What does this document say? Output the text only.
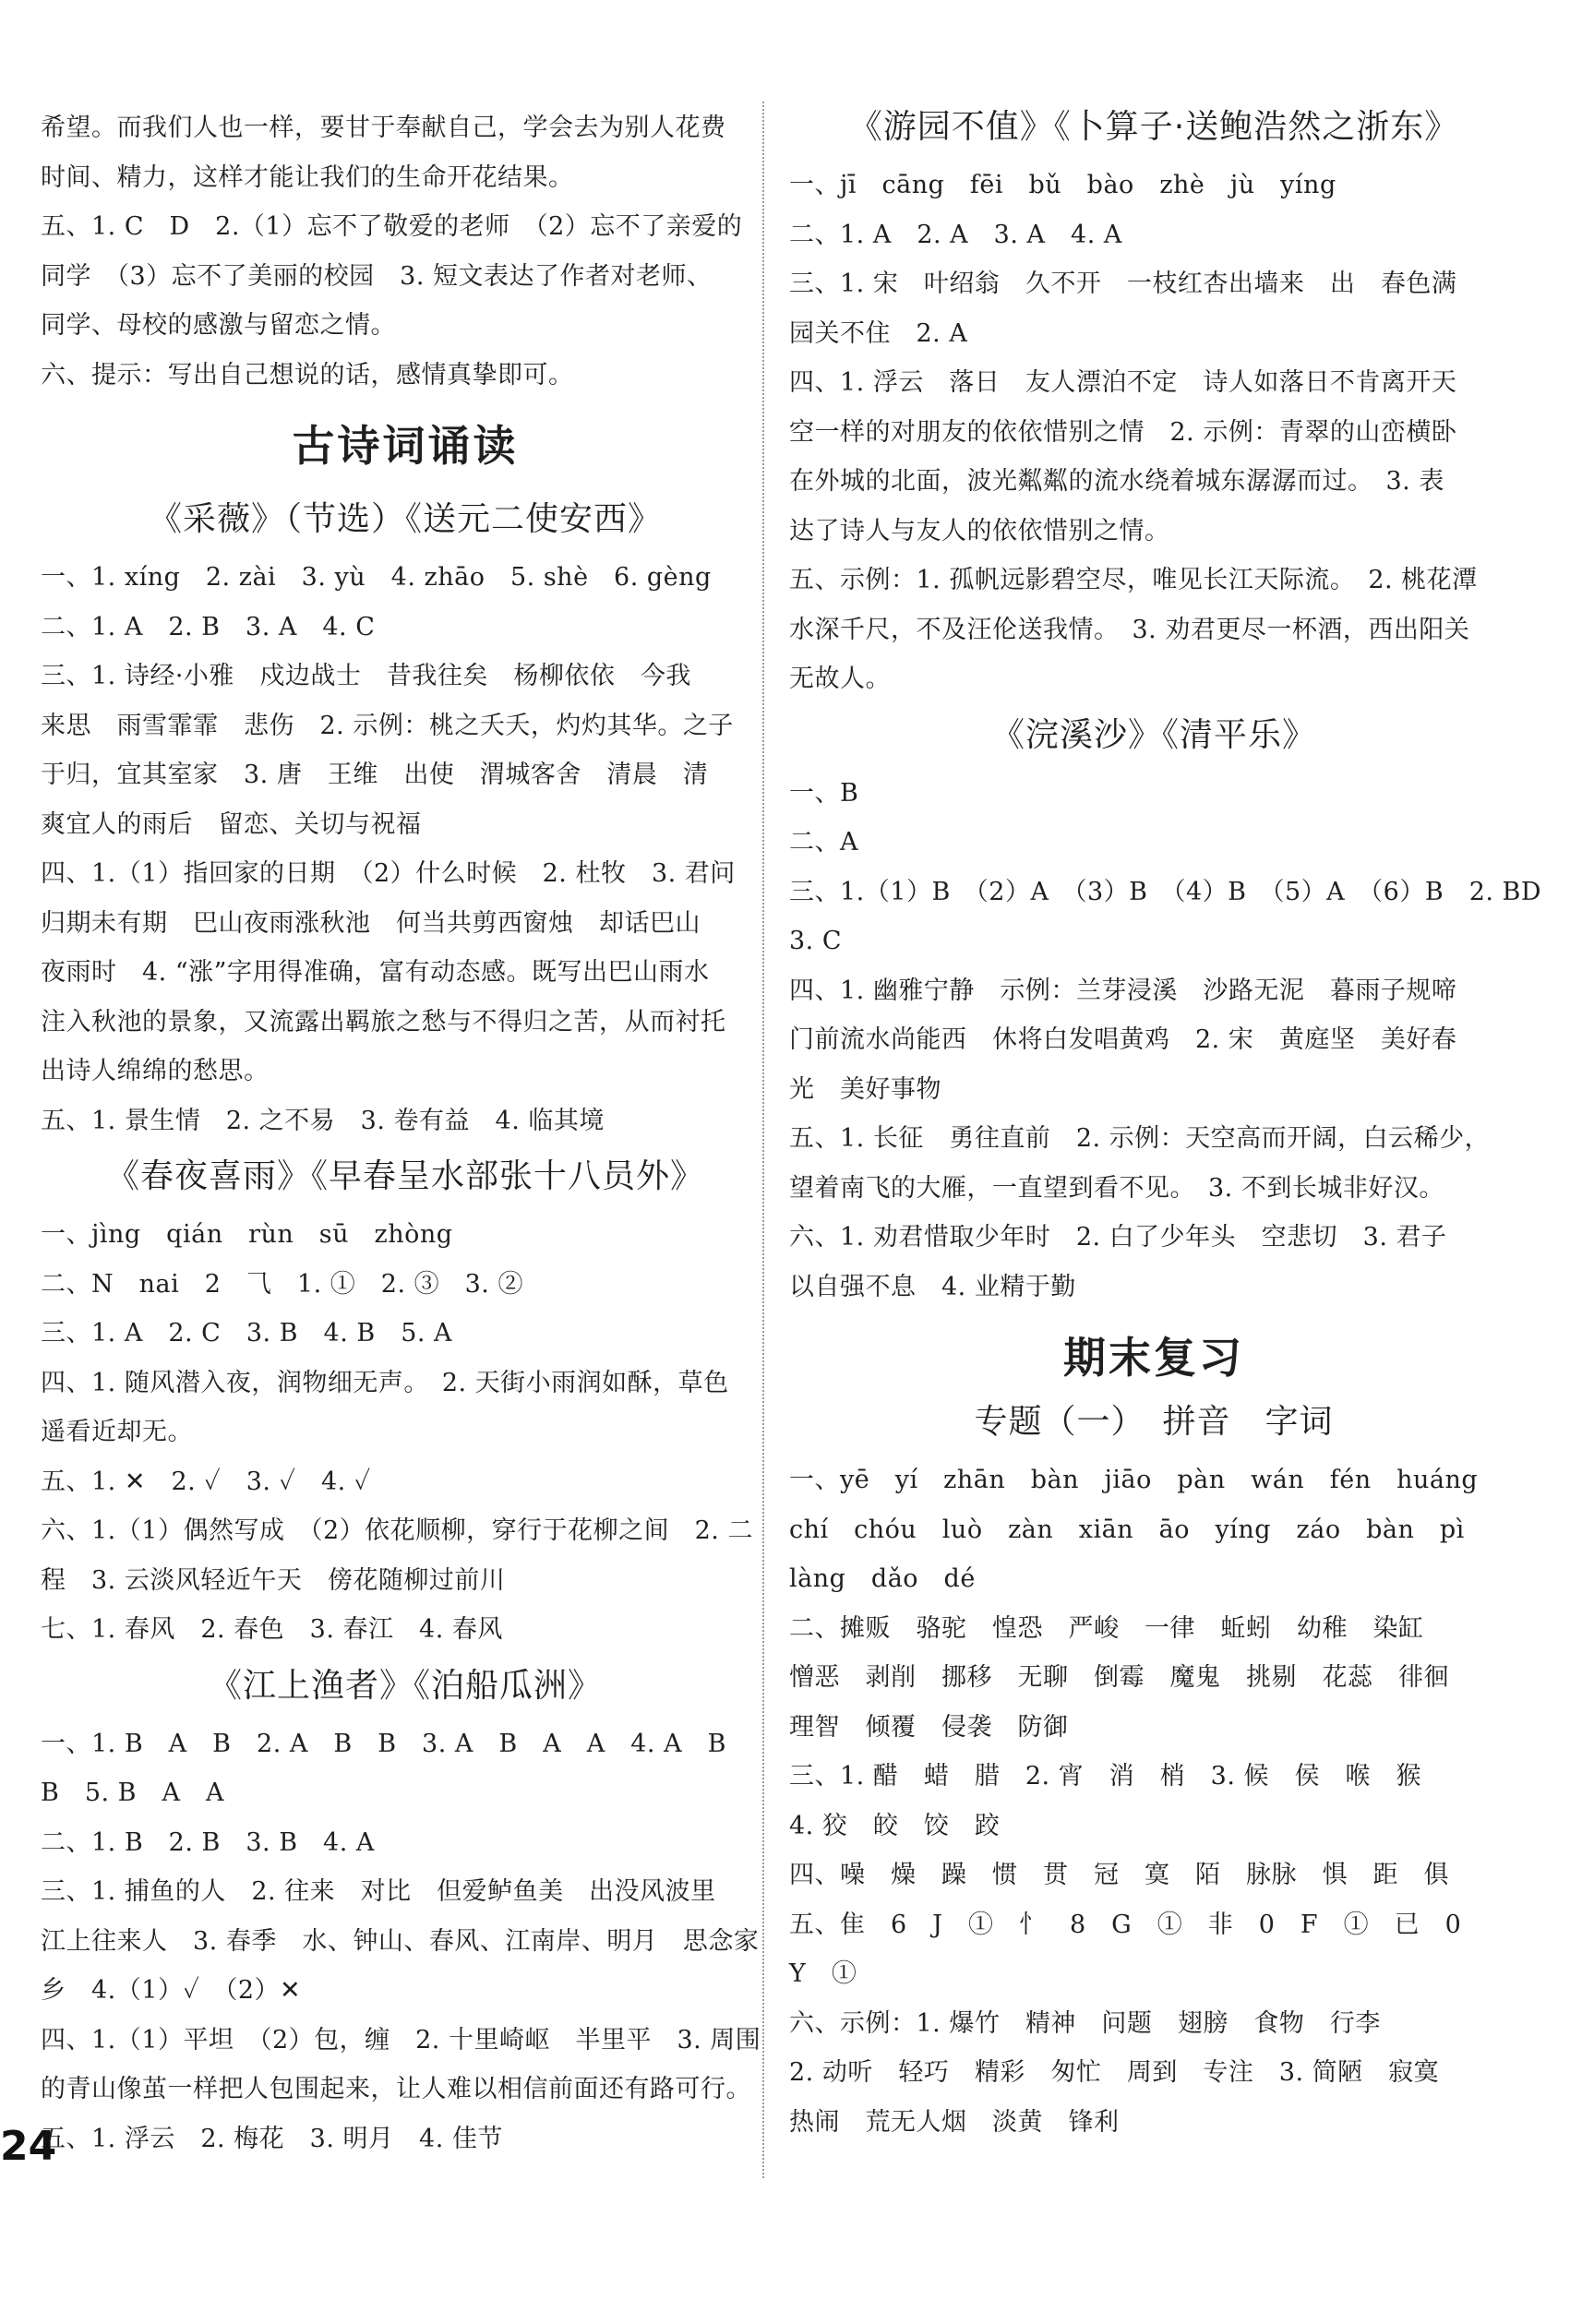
希望。而我们人也一样，要甘于奉献自己，学会去为别人花费
时间、精力，这样才能让我们的生命开花结果。
五、1. C　D　2.（1）忘不了敬爱的老师　（2）忘不了亲爱的
同学　（3）忘不了美丽的校园　3. 短文表达了作者对老师、
同学、母校的感激与留恋之情。
六、提示：写出自己想说的话，感情真挚即可。
古诗词诵读
《采薇》（节选）《送元二使安西》
一、1. xíng　2. zài　3. yù　4. zhāo　5. shè　6. gèng
二、1. A　2. B　3. A　4. C
三、1. 诗经·小雅　戍边战士　昔我往矣　杨柳依依　今我
来思　雨雪霏霏　悲伤　2. 示例：桃之夭夭，灼灼其华。之子
于归，宜其室家　3. 唐　王维　出使　渭城客舍　清晨　清
爽宜人的雨后　留恋、关切与祝福
四、1.（1）指回家的日期　（2）什么时候　2. 杜牧　3. 君问
归期未有期　巴山夜雨涨秋池　何当共剪西窗烛　却话巴山
夜雨时　4. “涨”字用得准确，富有动态感。既写出巴山雨水
注入秋池的景象，又流露出羁旅之愁与不得归之苦，从而衬托
出诗人绵绵的愁思。
五、1. 景生情　2. 之不易　3. 卷有益　4. 临其境
《春夜喜雨》《早春呈水部张十八员外》
一、jìng　qián　rùn　sū　zhòng
二、N　nai　2　⺄　1. ①　2. ③　3. ②
三、1. A　2. C　3. B　4. B　5. A
四、1. 随风潜入夜，润物细无声。　2. 天街小雨润如酥，草色
遥看近却无。
五、1. ✕　2. ✓　3. ✓　4. ✓
六、1.（1）偶然写成　（2）依花顺柳，穿行于花柳之间　2. 二
程　3. 云淡风轻近午天　傍花随柳过前川
七、1. 春风　2. 春色　3. 春江　4. 春风
《江上渔者》《泊船瓜洲》
一、1. B　A　B　2. A　B　B　3. A　B　A　A　4. A　B
B　5. B　A　A
二、1. B　2. B　3. B　4. A
三、1. 捕鱼的人　2. 往来　对比　但爱鲈鱼美　出没风波里
江上往来人　3. 春季　水、钟山、春风、江南岸、明月　思念家
乡　4.（1）✓　（2）✕
四、1.（1）平坦　（2）包，缠　2. 十里崎岖　半里平　3. 周围
的青山像茧一样把人包围起来，让人难以相信前面还有路可行。
五、1. 浮云　2. 梅花　3. 明月　4. 佳节
《游园不值》《卜算子·送鲍浩然之浙东》
一、jī　cāng　fēi　bǔ　bào　zhè　jù　yíng
二、1. A　2. A　3. A　4. A
三、1. 宋　叶绍翁　久不开　一枝红杏出墙来　出　春色满
园关不住　2. A
四、1. 浮云　落日　友人漂泊不定　诗人如落日不肯离开天
空一样的对朋友的依依惜别之情　2. 示例：青翠的山峦横卧
在外城的北面，波光粼粼的流水绕着城东潺潺而过。　3. 表
达了诗人与友人的依依惜别之情。
五、示例：1. 孤帆远影碧空尽，唯见长江天际流。　2. 桃花潭
水深千尺，不及汪伦送我情。　3. 劝君更尽一杯酒，西出阳关
无故人。
《浣溪沙》《清平乐》
一、B
二、A
三、1.（1）B　（2）A　（3）B　（4）B　（5）A　（6）B　2. BD
3. C
四、1. 幽雅宁静　示例：兰芽浸溪　沙路无泥　暮雨子规啼
门前流水尚能西　休将白发唱黄鸡　2. 宋　黄庭坚　美好春
光　美好事物
五、1. 长征　勇往直前　2. 示例：天空高而开阔，白云稀少，
望着南飞的大雁，一直望到看不见。　3. 不到长城非好汉。
六、1. 劝君惜取少年时　2. 白了少年头　空悲切　3. 君子
以自强不息　4. 业精于勤
期末复习
专题（一）　拼音　字词
一、yē　yí　zhān　bàn　jiāo　pàn　wán　fén　huáng
chí　chóu　luò　zàn　xiān　āo　yíng　záo　bàn　pì
làng　dǎo　dé
二、摊贩　骆驼　惶恐　严峻　一律　蚯蚓　幼稚　染缸
憎恶　剥削　挪移　无聊　倒霉　魔鬼　挑剔　花蕊　徘徊
理智　倾覆　侵袭　防御
三、1. 醋　蜡　腊　2. 宵　消　梢　3. 候　侯　喉　猴
4. 狡　皎　饺　跤
四、噪　燥　躁　惯　贯　冠　寞　陌　脉脉　惧　距　俱
五、隹　6　J　①　忄　8　G　①　非　0　F　①　已　0
Y　①
六、示例：1. 爆竹　精神　问题　翅膀　食物　行李
2. 动听　轻巧　精彩　匆忙　周到　专注　3. 简陋　寂寞
热闹　荒无人烟　淡黄　锋利
24
